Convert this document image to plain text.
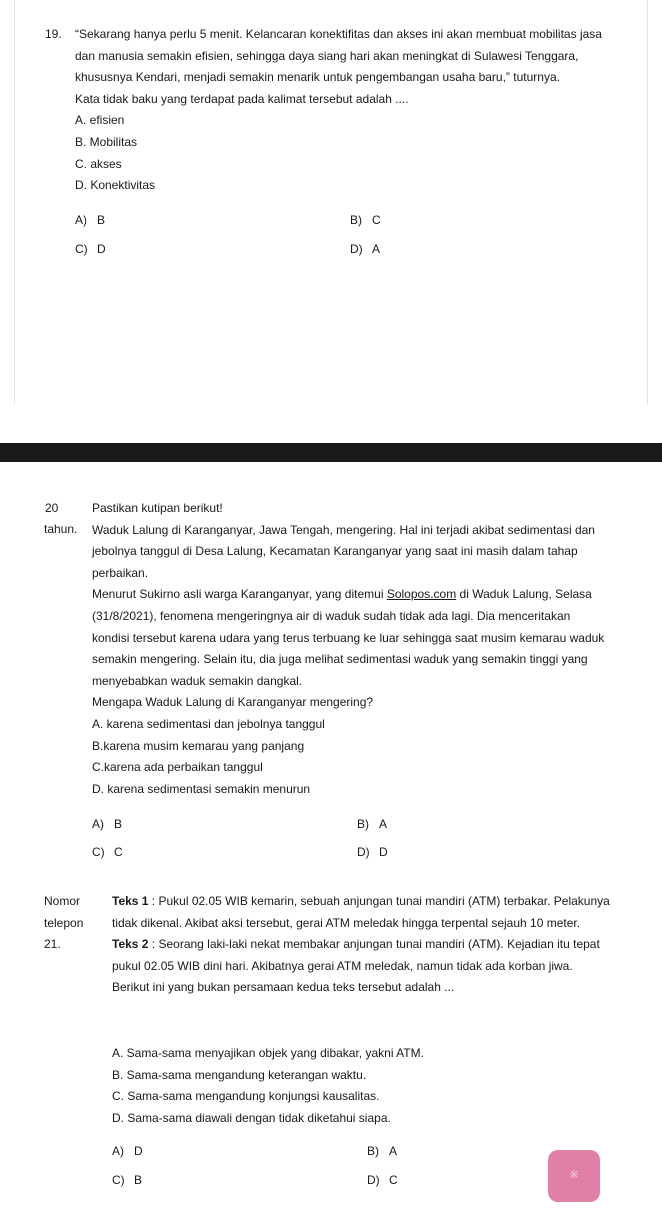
19. “Sekarang hanya perlu 5 menit. Kelancaran konektifitas dan akses ini akan membuat mobilitas jasa

dan manusia semakin efisien, sehingga daya siang hari akan meningkat di Sulawesi Tenggara,

khususnya Kendari, menjadi semakin menarik untuk pengembangan usaha baru,” tuturnya.

Kata tidak baku yang terdapat pada kalimat tersebut adalah ....

A. efisien

B. Mobilitas

C. akses

D. Konektivitas

A) B	B) C
C) D	D) A
20
tahun.

Pastikan kutipan berikut!

Waduk Lalung di Karanganyar, Jawa Tengah, mengering. Hal ini terjadi akibat sedimentasi dan

jebolnya tanggul di Desa Lalung, Kecamatan Karanganyar yang saat ini masih dalam tahap

perbaikan.

Menurut Sukirno asli warga Karanganyar, yang ditemui Solopos.com di Waduk Lalung, Selasa

(31/8/2021), fenomena mengeringnya air di waduk sudah tidak ada lagi. Dia menceritakan

kondisi tersebut karena udara yang terus terbuang ke luar sehingga saat musim kemarau waduk

semakin mengering. Selain itu, dia juga melihat sedimentasi waduk yang semakin tinggi yang

menyebabkan waduk semakin dangkal.

Mengapa Waduk Lalung di Karanganyar mengering?

A. karena sedimentasi dan jebolnya tanggul

B.karena musim kemarau yang panjang

C.karena ada perbaikan tanggul

D. karena sedimentasi semakin menurun

A) B	B) A
C) C	D) D

Nomor

telepon

21.

Teks 1 : Pukul 02.05 WIB kemarin, sebuah anjungan tunai mandiri (ATM) terbakar. Pelakunya

tidak dikenal. Akibat aksi tersebut, gerai ATM meledak hingga terpental sejauh 10 meter.

Teks 2 : Seorang laki-laki nekat membakar anjungan tunai mandiri (ATM). Kejadian itu tepat

pukul 02.05 WIB dini hari. Akibatnya gerai ATM meledak, namun tidak ada korban jiwa.

Berikut ini yang bukan persamaan kedua teks tersebut adalah ...

A. Sama-sama menyajikan objek yang dibakar, yakni ATM.

B. Sama-sama mengandung keterangan waktu.

C. Sama-sama mengandung konjungsi kausalitas.

D. Sama-sama diawali dengan tidak diketahui siapa.

A) D	B) A
C) B	D) C	※
